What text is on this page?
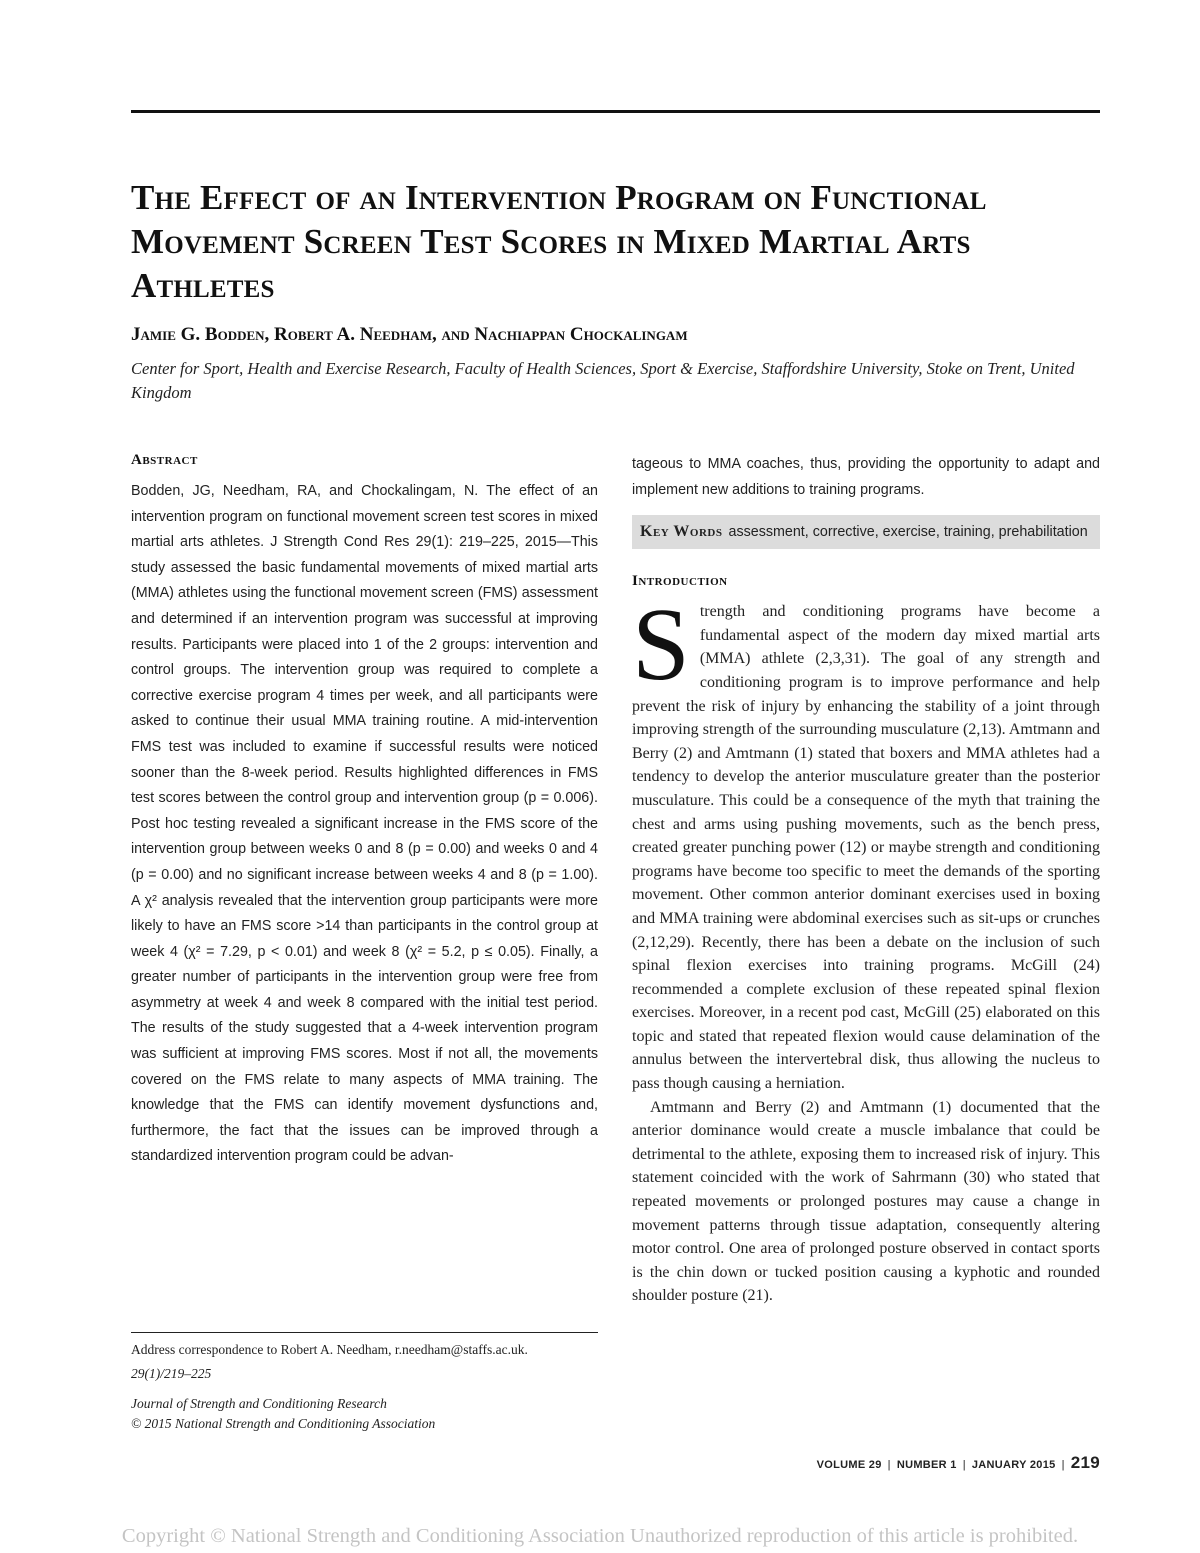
The Effect of an Intervention Program on Functional Movement Screen Test Scores in Mixed Martial Arts Athletes

Jamie G. Bodden, Robert A. Needham, and Nachiappan Chockalingam

Center for Sport, Health and Exercise Research, Faculty of Health Sciences, Sport & Exercise, Staffordshire University, Stoke on Trent, United Kingdom

Abstract

Bodden, JG, Needham, RA, and Chockalingam, N. The effect of an intervention program on functional movement screen test scores in mixed martial arts athletes. J Strength Cond Res 29(1): 219–225, 2015—This study assessed the basic fundamental movements of mixed martial arts (MMA) athletes using the functional movement screen (FMS) assessment and determined if an intervention program was successful at improving results. Participants were placed into 1 of the 2 groups: intervention and control groups. The intervention group was required to complete a corrective exercise program 4 times per week, and all participants were asked to continue their usual MMA training routine. A mid-intervention FMS test was included to examine if successful results were noticed sooner than the 8-week period. Results highlighted differences in FMS test scores between the control group and intervention group (p = 0.006). Post hoc testing revealed a significant increase in the FMS score of the intervention group between weeks 0 and 8 (p = 0.00) and weeks 0 and 4 (p = 0.00) and no significant increase between weeks 4 and 8 (p = 1.00). A χ² analysis revealed that the intervention group participants were more likely to have an FMS score >14 than participants in the control group at week 4 (χ² = 7.29, p < 0.01) and week 8 (χ² = 5.2, p ≤ 0.05). Finally, a greater number of participants in the intervention group were free from asymmetry at week 4 and week 8 compared with the initial test period. The results of the study suggested that a 4-week intervention program was sufficient at improving FMS scores. Most if not all, the movements covered on the FMS relate to many aspects of MMA training. The knowledge that the FMS can identify movement dysfunctions and, furthermore, the fact that the issues can be improved through a standardized intervention program could be advan-

tageous to MMA coaches, thus, providing the opportunity to adapt and implement new additions to training programs.

Key Words assessment, corrective, exercise, training, prehabilitation
Introduction

Strength and conditioning programs have become a fundamental aspect of the modern day mixed martial arts (MMA) athlete (2,3,31). The goal of any strength and conditioning program is to improve performance and help prevent the risk of injury by enhancing the stability of a joint through improving strength of the surrounding musculature (2,13). Amtmann and Berry (2) and Amtmann (1) stated that boxers and MMA athletes had a tendency to develop the anterior musculature greater than the posterior musculature. This could be a consequence of the myth that training the chest and arms using pushing movements, such as the bench press, created greater punching power (12) or maybe strength and conditioning programs have become too specific to meet the demands of the sporting movement. Other common anterior dominant exercises used in boxing and MMA training were abdominal exercises such as sit-ups or crunches (2,12,29). Recently, there has been a debate on the inclusion of such spinal flexion exercises into training programs. McGill (24) recommended a complete exclusion of these repeated spinal flexion exercises. Moreover, in a recent pod cast, McGill (25) elaborated on this topic and stated that repeated flexion would cause delamination of the annulus between the intervertebral disk, thus allowing the nucleus to pass though causing a herniation.

Amtmann and Berry (2) and Amtmann (1) documented that the anterior dominance would create a muscle imbalance that could be detrimental to the athlete, exposing them to increased risk of injury. This statement coincided with the work of Sahrmann (30) who stated that repeated movements or prolonged postures may cause a change in movement patterns through tissue adaptation, consequently altering motor control. One area of prolonged posture observed in contact sports is the chin down or tucked position causing a kyphotic and rounded shoulder posture (21).

Address correspondence to Robert A. Needham, r.needham@staffs.ac.uk.

29(1)/219–225

Journal of Strength and Conditioning Research
© 2015 National Strength and Conditioning Association

VOLUME 29 | NUMBER 1 | JANUARY 2015 | 219

Copyright © National Strength and Conditioning Association Unauthorized reproduction of this article is prohibited.
